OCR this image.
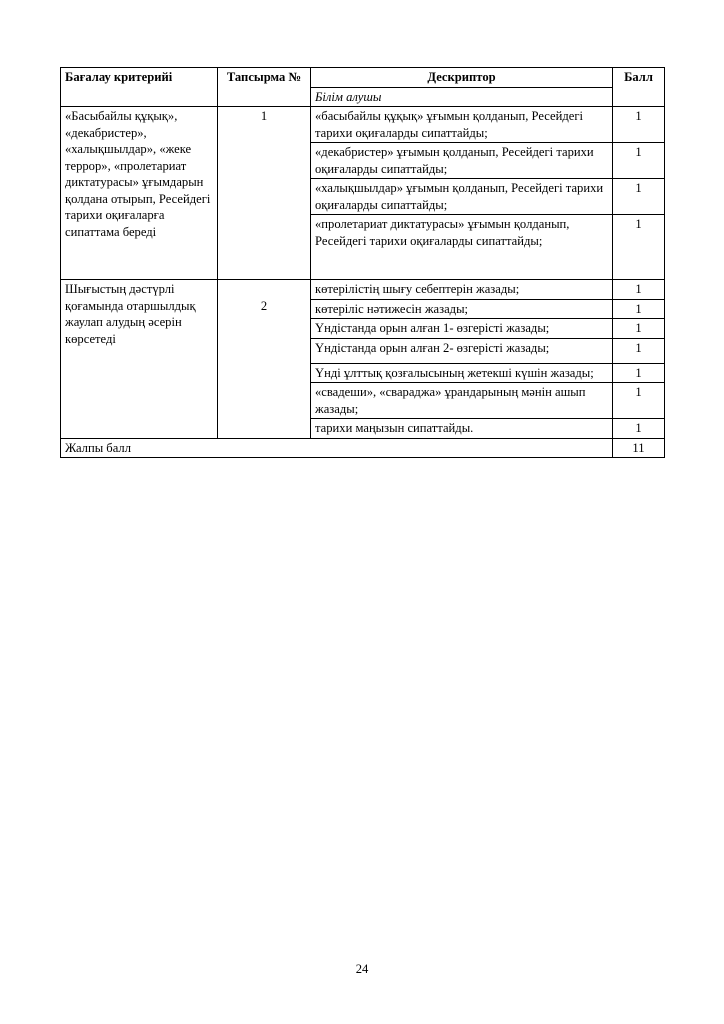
Бағалау критерийі	Тапсырма №	Дескриптор	Балл
		Білім алушы	
«Басыбайлы құқық», «декабристер», «халықшылдар», «жеке террор», «пролетариат диктатурасы» ұғымдарын қолдана отырып, Ресейдегі тарихи оқиғаларға сипаттама береді	1	«басыбайлы құқық» ұғымын қолданып, Ресейдегі тарихи оқиғаларды сипаттайды;	1
		«декабристер» ұғымын қолданып, Ресейдегі тарихи оқиғаларды сипаттайды;	1
		«халықшылдар» ұғымын қолданып, Ресейдегі тарихи оқиғаларды сипаттайды;	1
		«пролетариат диктатурасы» ұғымын қолданып, Ресейдегі тарихи оқиғаларды сипаттайды;	1
Шығыстың дәстүрлі қоғамында отаршылдық жаулап алудың әсерін көрсетеді	2	көтерілістің шығу себептерін жазады;	1
		көтеріліс нәтижесін жазады;	1
		Үндістанда орын алған 1- өзгерісті жазады;	1
		Үндістанда орын алған 2- өзгерісті жазады;	1
		Үнді ұлттық қозғалысының жетекші күшін жазады;	1
		«свадеши», «свараджа» ұрандарының мәнін ашып жазады;	1
		тарихи маңызын сипаттайды.	1
Жалпы балл			11
24
